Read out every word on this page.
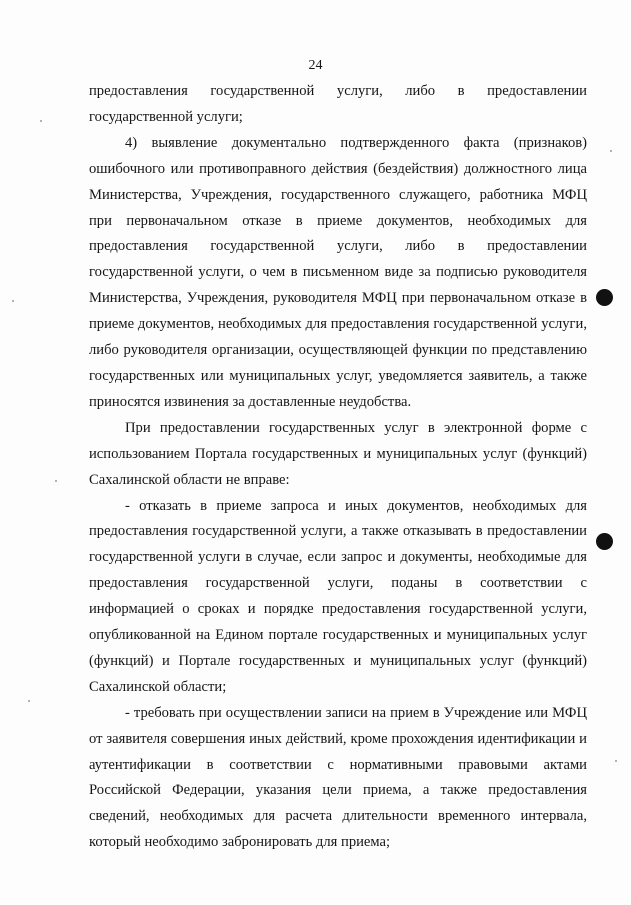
24

предоставления государственной услуги, либо в предоставлении государственной услуги;

4) выявление документально подтвержденного факта (признаков) ошибочного или противоправного действия (бездействия) должностного лица Министерства, Учреждения, государственного служащего, работника МФЦ при первоначальном отказе в приеме документов, необходимых для предоставления государственной услуги, либо в предоставлении государственной услуги, о чем в письменном виде за подписью руководителя Министерства, Учреждения, руководителя МФЦ при первоначальном отказе в приеме документов, необходимых для предоставления государственной услуги, либо руководителя организации, осуществляющей функции по представлению государственных или муниципальных услуг, уведомляется заявитель, а также приносятся извинения за доставленные неудобства.

При предоставлении государственных услуг в электронной форме с использованием Портала государственных и муниципальных услуг (функций) Сахалинской области не вправе:

- отказать в приеме запроса и иных документов, необходимых для предоставления государственной услуги, а также отказывать в предоставлении государственной услуги в случае, если запрос и документы, необходимые для предоставления государственной услуги, поданы в соответствии с информацией о сроках и порядке предоставления государственной услуги, опубликованной на Едином портале государственных и муниципальных услуг (функций) и Портале государственных и муниципальных услуг (функций) Сахалинской области;

- требовать при осуществлении записи на прием в Учреждение или МФЦ от заявителя совершения иных действий, кроме прохождения идентификации и аутентификации в соответствии с нормативными правовыми актами Российской Федерации, указания цели приема, а также предоставления сведений, необходимых для расчета длительности временного интервала, который необходимо забронировать для приема;
